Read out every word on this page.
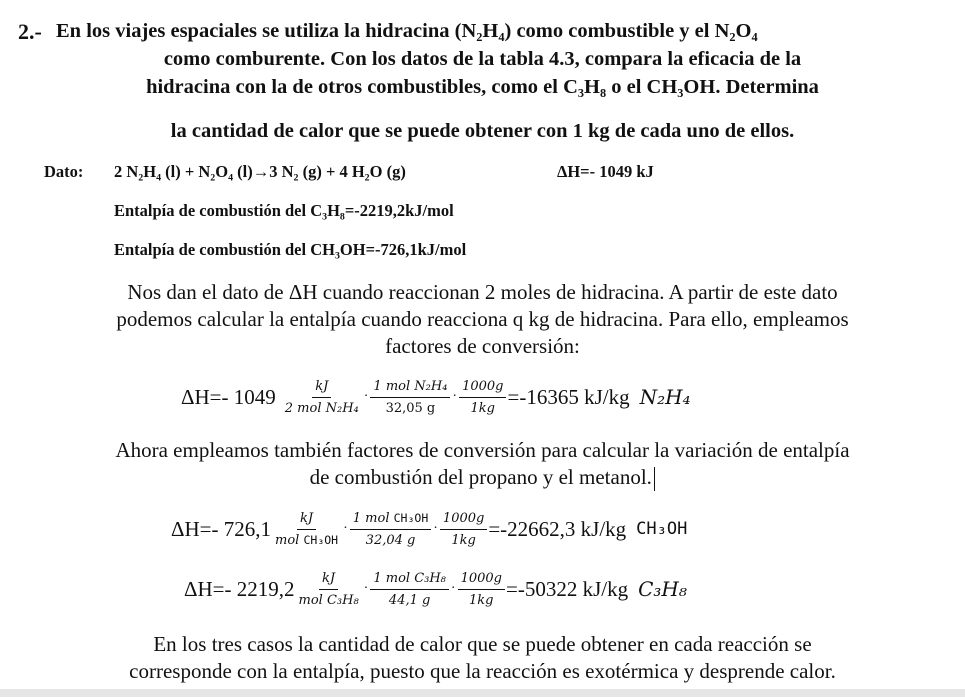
2.- En los viajes espaciales se utiliza la hidracina (N₂H₄) como combustible y el N₂O₄
como comburente. Con los datos de la tabla 4.3, compara la eficacia de la
hidracina con la de otros combustibles, como el C₃H₈ o el CH₃OH. Determina
la cantidad de calor que se puede obtener con 1 kg de cada uno de ellos.
Dato: 2 N₂H₄ (l) + N₂O₄ (l)→3 N₂ (g) + 4 H₂O (g)	ΔH=- 1049 kJ
Entalpía de combustión del C₃H₈=-2219,2kJ/mol
Entalpía de combustión del CH₃OH=-726,1kJ/mol
Nos dan el dato de ΔH cuando reaccionan 2 moles de hidracina. A partir de este dato
podemos calcular la entalpía cuando reacciona q kg de hidracina. Para ello, empleamos
factores de conversión:
ΔH=- $1049 \frac{kJ}{\text{2 mol N₂H₄}} \cdot \frac{\text{1 mol N₂H₄}}{32,05 g} \cdot \frac{1000g}{1kg} =-16365$ kJ/kg N₂H₄
Ahora empleamos también factores de conversión para calcular la variación de entalpía
de combustión del propano y el metanol.
ΔH=- $726,1 \frac{kJ}{\text{mol CH₃OH}} \cdot \frac{\text{1 mol CH₃OH}}{32,04 g} \cdot \frac{1000g}{1kg} =-22662,3$ kJ/kg CH₃OH
ΔH=- $2219,2 \frac{kJ}{\text{mol C₃H₈}} \cdot \frac{\text{1 mol C₃H₈}}{44,1 g} \cdot \frac{1000g}{1kg} =-50322$ kJ/kg C₃H₈
En los tres casos la cantidad de calor que se puede obtener en cada reacción se
corresponde con la entalpía, puesto que la reacción es exotérmica y desprende calor.
